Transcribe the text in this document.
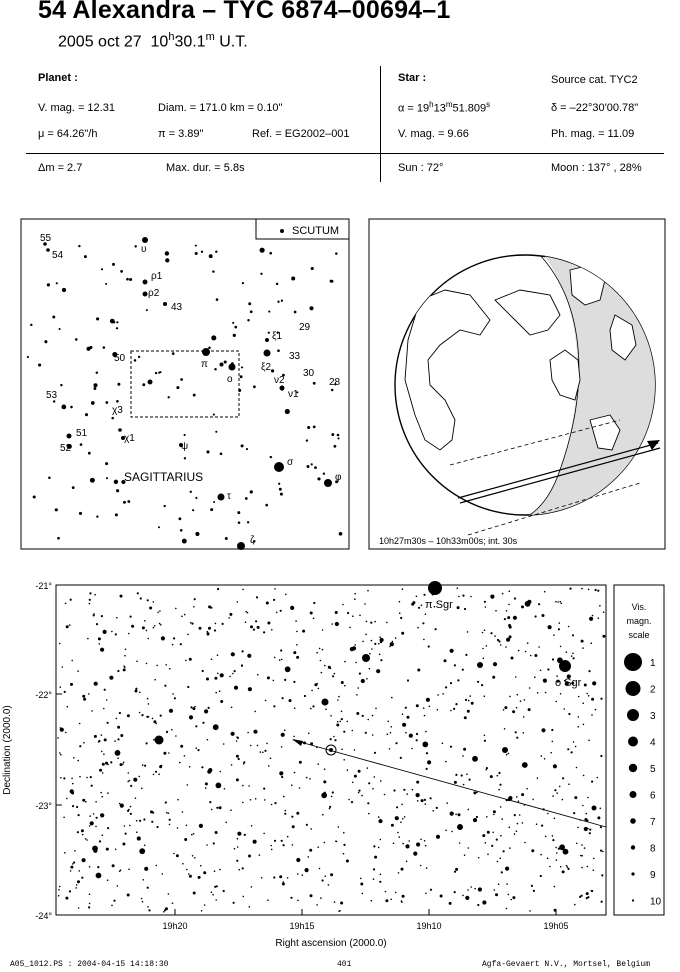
54 Alexandra – TYC 6874–00694–1
2005 oct 27 10$^h$30.1$^m$ U.T.
Planet :
V. mag. = 12.31	Diam. = 171.0 km = 0.10"
μ = 64.26"/h	π = 3.89"	Ref. = EG2002–001
Star :	Source cat. TYC2
$\alpha = 19^h13^m51.809^s$	δ = –22°30'00.78"
V. mag. = 9.66	Ph. mag. = 11.09
Δm = 2.7	Max. dur. = 5.8s	Sun : 72°	Moon : 137° , 28%
SCUTUM
SAGITTARIUS
55
54
υ
ρ1
ρ2
43
ξ1
29
33
ξ2
50
π
ο
30
ν2	28
ν1
53
χ3
51	χ1
52	ψ
σ
φ
τ
ζ	10h27m30s – 10h33m00s; int. 30s
-21°
-22°
-23°
-24°
19h20	19h15	19h10	19h05
Right ascension (2000.0)
Declination (2000.0)
π Sgr
ο Sgr
Vis.
magn.
scale
1
2
3
4
5
6
7
8
9
10
A05_1012.PS : 2004-04-15 14:18:30	401	Agfa-Gevaert N.V., Mortsel, Belgium
